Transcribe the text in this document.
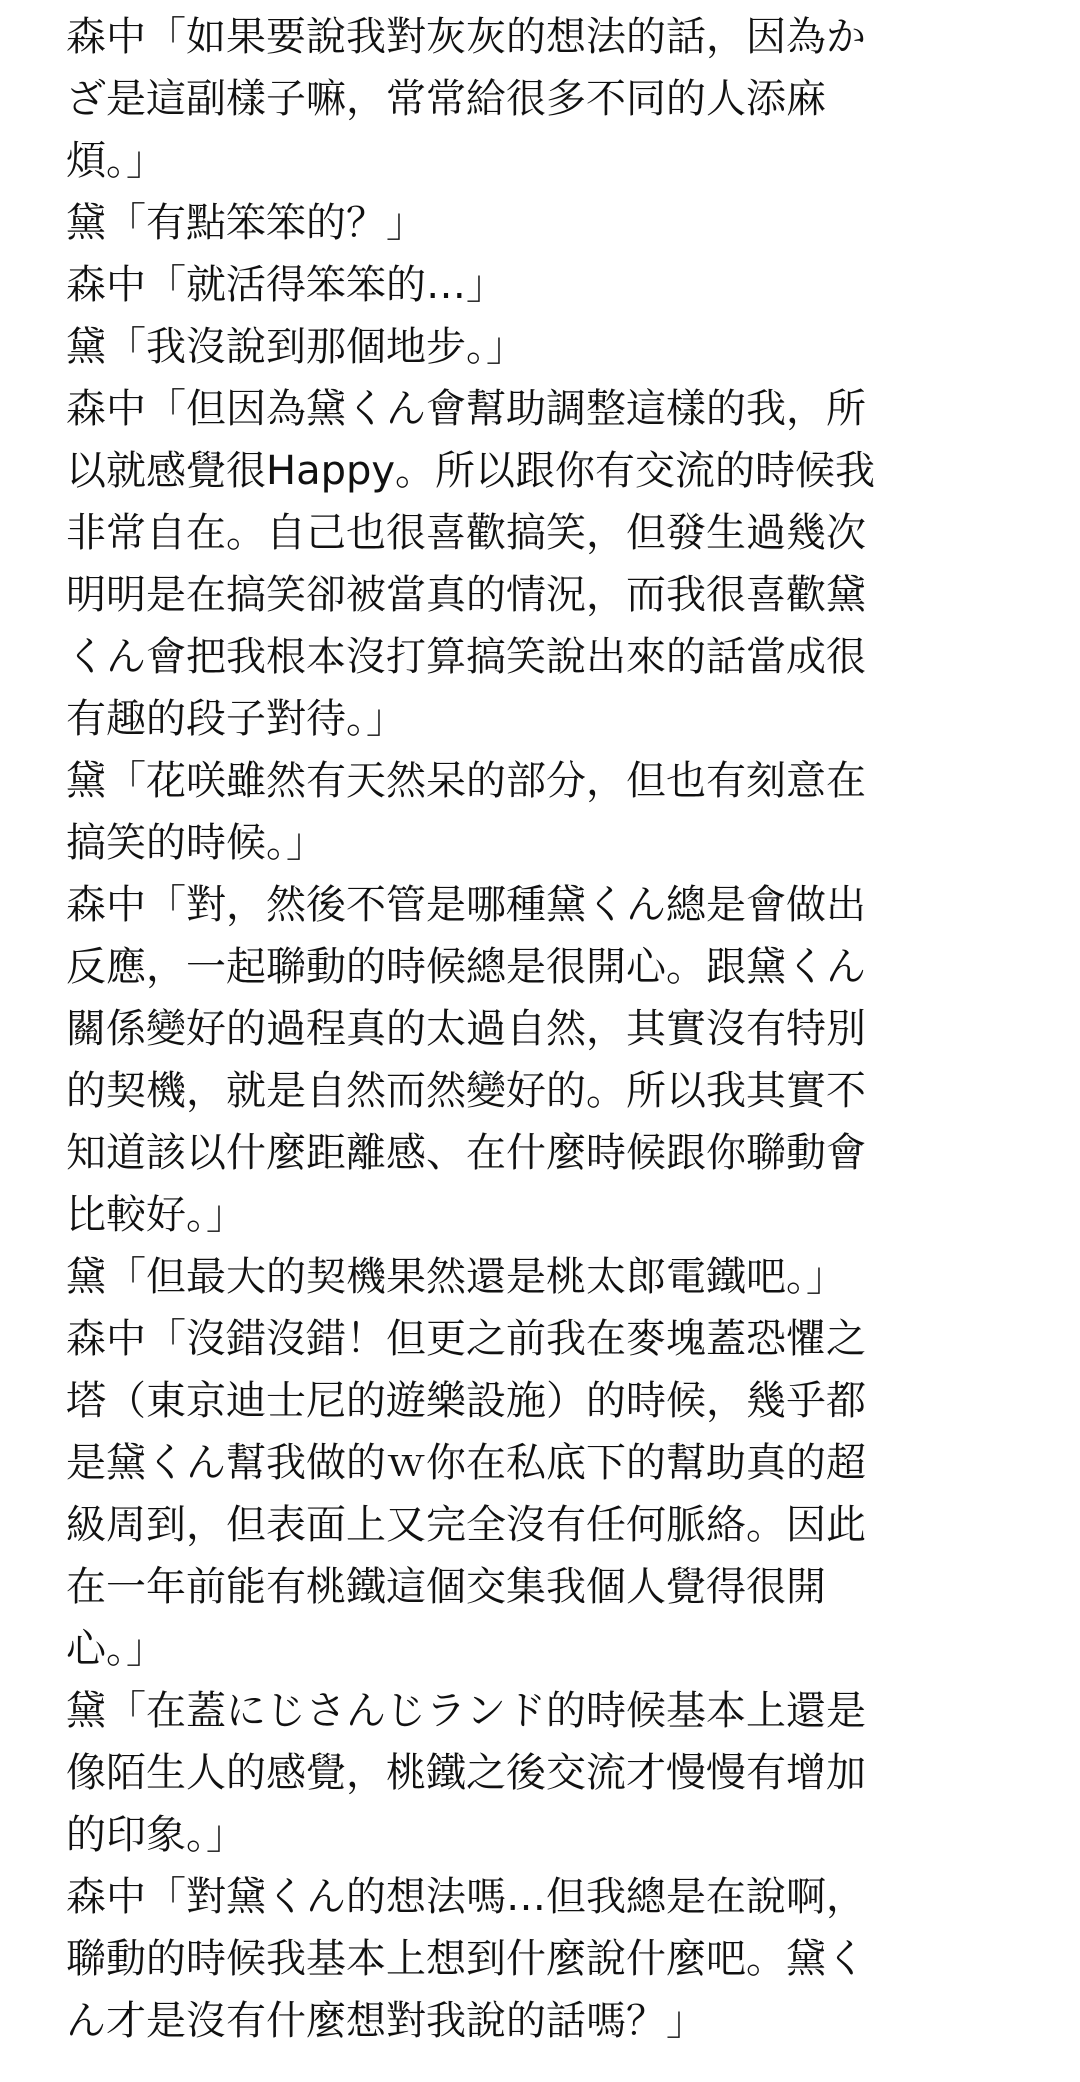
森中「如果要說我對灰灰的想法的話，因為か
ざ是這副樣子嘛，常常給很多不同的人添麻
煩。」
黛「有點笨笨的？」
森中「就活得笨笨的…」
黛「我沒說到那個地步。」
森中「但因為黛くん會幫助調整這樣的我，所
以就感覺很Happy。所以跟你有交流的時候我
非常自在。自己也很喜歡搞笑，但發生過幾次
明明是在搞笑卻被當真的情況，而我很喜歡黛
くん會把我根本沒打算搞笑說出來的話當成很
有趣的段子對待。」
黛「花咲雖然有天然呆的部分，但也有刻意在
搞笑的時候。」
森中「對，然後不管是哪種黛くん總是會做出
反應，一起聯動的時候總是很開心。跟黛くん
關係變好的過程真的太過自然，其實沒有特別
的契機，就是自然而然變好的。所以我其實不
知道該以什麼距離感、在什麼時候跟你聯動會
比較好。」
黛「但最大的契機果然還是桃太郎電鐵吧。」
森中「沒錯沒錯！但更之前我在麥塊蓋恐懼之
塔（東京迪士尼的遊樂設施）的時候，幾乎都
是黛くん幫我做的ｗ你在私底下的幫助真的超
級周到，但表面上又完全沒有任何脈絡。因此
在一年前能有桃鐵這個交集我個人覺得很開
心。」
黛「在蓋にじさんじランド的時候基本上還是
像陌生人的感覺，桃鐵之後交流才慢慢有增加
的印象。」
森中「對黛くん的想法嗎…但我總是在說啊，
聯動的時候我基本上想到什麼說什麼吧。黛く
ん才是沒有什麼想對我說的話嗎？」
